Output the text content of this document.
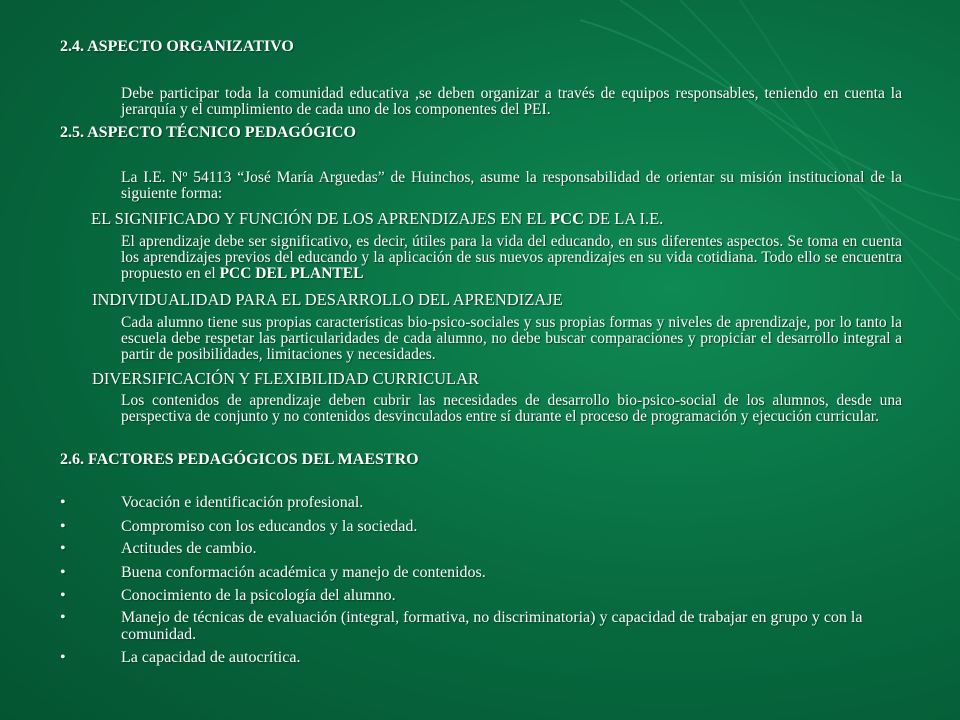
2.4. ASPECTO ORGANIZATIVO
Debe participar toda la comunidad educativa ,se deben organizar a través de equipos responsables, teniendo en cuenta la jerarquía y el cumplimiento de cada uno de los componentes del PEI.
2.5. ASPECTO TÉCNICO PEDAGÓGICO
La I.E. Nº 54113 “José María Arguedas” de Huinchos, asume la responsabilidad de orientar su misión institucional de la siguiente forma:
EL SIGNIFICADO Y FUNCIÓN DE LOS APRENDIZAJES EN EL PCC DE LA I.E.
El aprendizaje debe ser significativo, es decir, útiles para la vida del educando, en sus diferentes aspectos. Se toma en cuenta los aprendizajes previos del educando y la aplicación de sus nuevos aprendizajes en su vida cotidiana. Todo ello se encuentra propuesto en el PCC DEL PLANTEL
INDIVIDUALIDAD PARA EL DESARROLLO DEL APRENDIZAJE
Cada alumno tiene sus propias características bio-psico-sociales y sus propias formas y niveles de aprendizaje, por lo tanto la escuela debe respetar las particularidades de cada alumno, no debe buscar comparaciones y propiciar el desarrollo integral a partir de posibilidades, limitaciones y necesidades.
DIVERSIFICACIÓN Y FLEXIBILIDAD CURRICULAR
Los contenidos de aprendizaje deben cubrir las necesidades de desarrollo bio-psico-social de los alumnos, desde una perspectiva de conjunto y no contenidos desvinculados entre sí durante el proceso de programación y ejecución curricular.
2.6. FACTORES PEDAGÓGICOS DEL MAESTRO
•	Vocación e identificación profesional.
•	Compromiso con los educandos y la sociedad.
•	Actitudes de cambio.
•	Buena conformación académica y manejo de contenidos.
•	Conocimiento de la psicología del alumno.
•	Manejo de técnicas de evaluación (integral, formativa, no discriminatoria) y capacidad de trabajar en grupo y con la comunidad.
•	La capacidad de autocrítica.
